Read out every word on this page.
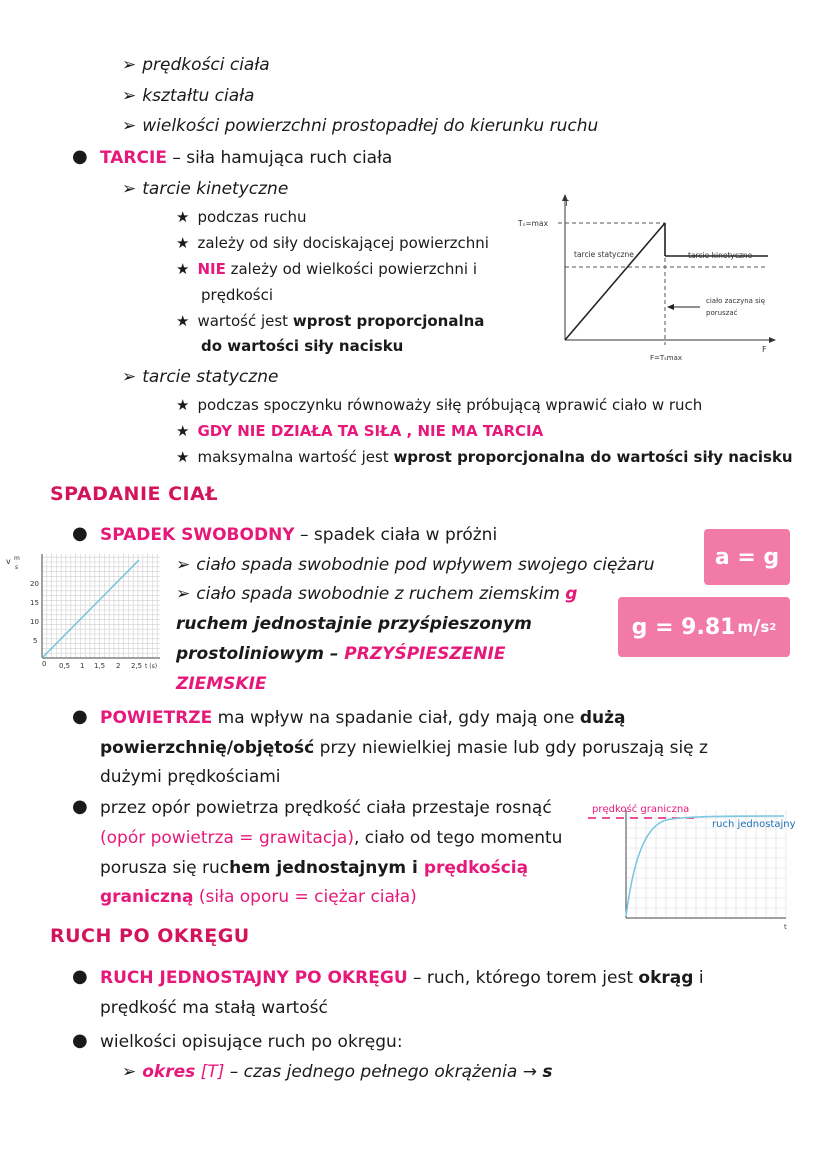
➢ prędkości ciała
➢ kształtu ciała
➢ wielkości powierzchni prostopadłej do kierunku ruchu
● TARCIE – siła hamująca ruch ciała
➢ tarcie kinetyczne
★ podczas ruchu
★ zależy od siły dociskającej powierzchni
★ NIE zależy od wielkości powierzchni i
prędkości
★ wartość jest wprost proporcjonalna
do wartości siły nacisku
T
Tₛ=max
F
F=Tₛmax
tarcie statyczne	tarcie kinetyczne
ciało zaczyna się
poruszać
➢ tarcie statyczne
★ podczas spoczynku równoważy siłę próbującą wprawić ciało w ruch
★ GDY NIE DZIAŁA TA SIŁA , NIE MA TARCIA
★ maksymalna wartość jest wprost proporcjonalna do wartości siły nacisku
SPADANIE CIAŁ
● SPADEK SWOBODNY – spadek ciała w próżni
➢ ciało spada swobodnie pod wpływem swojego ciężaru
➢ ciało spada swobodnie z ruchem ziemskim g
ruchem jednostajnie przyśpieszonym
prostoliniowym – PRZYŚPIESZENIE
ZIEMSKIE
a = g
g = 9.81 m / s 2
v m
s
20
15
10
5
0 0,5 1 1,5 2 2,5 t (s)
● POWIETRZE ma wpływ na spadanie ciał, gdy mają one dużą
powierzchnię/objętość przy niewielkiej masie lub gdy poruszają się z
dużymi prędkościami
● przez opór powietrza prędkość ciała przestaje rosnąć
(opór powietrza = grawitacja), ciało od tego momentu
porusza się ruchem jednostajnym i prędkością
graniczną (siła oporu = ciężar ciała)
prędkość graniczna
ruch jednostajny
t
RUCH PO OKRĘGU
● RUCH JEDNOSTAJNY PO OKRĘGU – ruch, którego torem jest okrąg i
prędkość ma stałą wartość
● wielkości opisujące ruch po okręgu:
➢ okres [T] – czas jednego pełnego okrążenia → s
